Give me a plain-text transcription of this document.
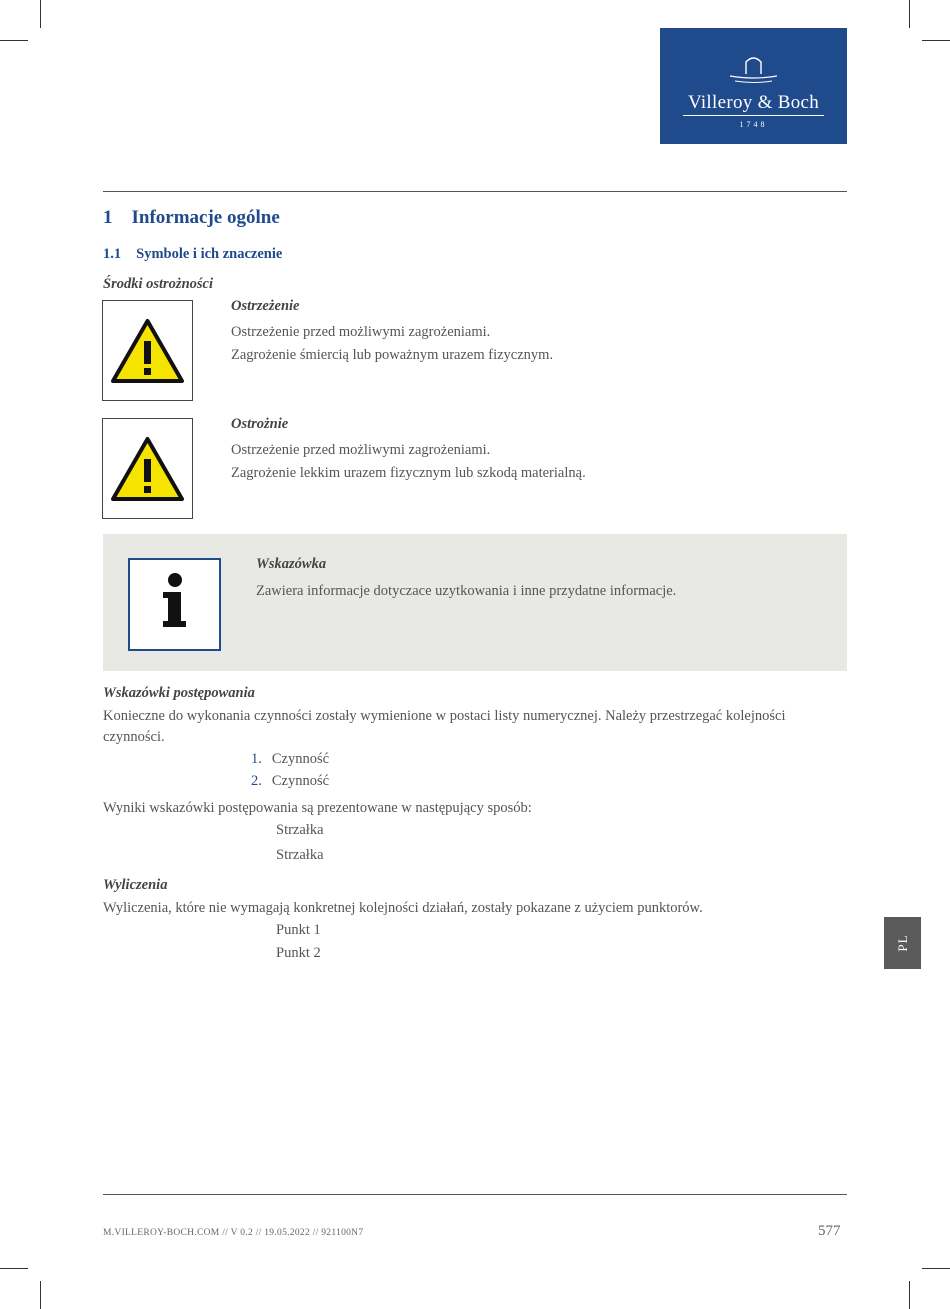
Villeroy & Boch
1748
1 Informacje ogólne
1.1 Symbole i ich znaczenie
Środki ostrożności
Ostrzeżenie
Ostrzeżenie przed możliwymi zagrożeniami.
Zagrożenie śmiercią lub poważnym urazem fizycznym.
Ostrożnie
Ostrzeżenie przed możliwymi zagrożeniami.
Zagrożenie lekkim urazem fizycznym lub szkodą materialną.
Wskazówka
Zawiera informacje dotyczace uzytkowania i inne przydatne informacje.
Wskazówki postępowania
Konieczne do wykonania czynności zostały wymienione w postaci listy numerycznej. Należy przestrzegać kolejności
czynności.
1. Czynność
2. Czynność
Wyniki wskazówki postępowania są prezentowane w następujący sposób:
Strzałka
Strzałka
Wyliczenia
Wyliczenia, które nie wymagają konkretnej kolejności działań, zostały pokazane z użyciem punktorów.
Punkt 1
Punkt 2
PL
M.VILLEROY-BOCH.COM // V 0.2 // 19.05.2022 // 921100N7	577
